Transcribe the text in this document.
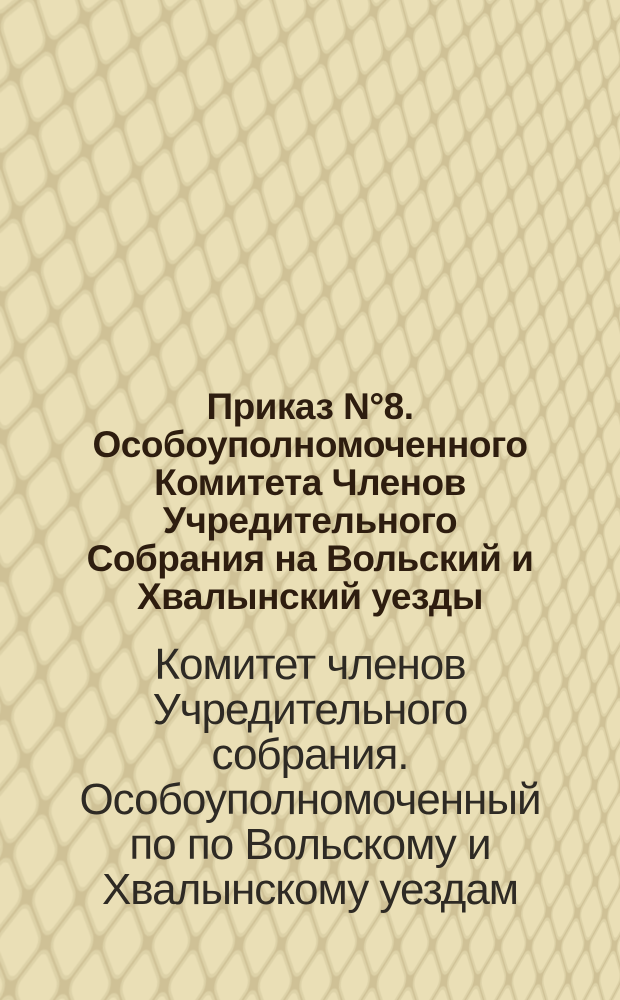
Приказ N°8.
Особоуполномоченного
Комитета Членов
Учредительного
Собрания на Вольский и
Хвалынский уезды
Комитет членов
Учредительного
собрания.
Особоуполномоченный
по по Вольскому и
Хвалынскому уездам
